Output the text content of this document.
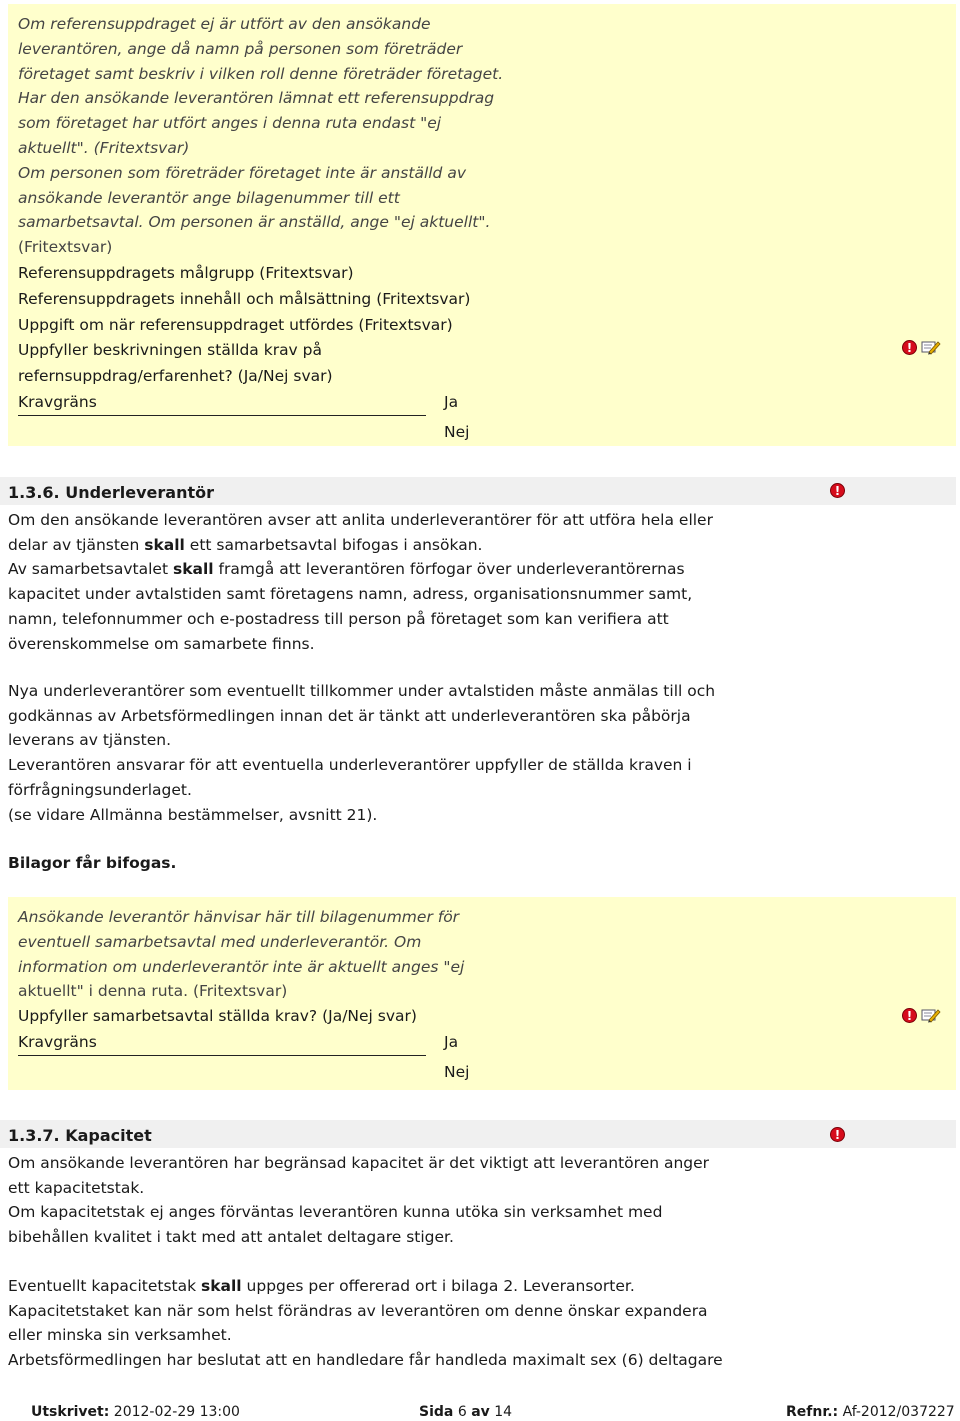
Om referensuppdraget ej är utfört av den ansökande
leverantören, ange då namn på personen som företräder
företaget samt beskriv i vilken roll denne företräder företaget.
Har den ansökande leverantören lämnat ett referensuppdrag
som företaget har utfört anges i denna ruta endast "ej
aktuellt". (Fritextsvar)
Om personen som företräder företaget inte är anställd av
ansökande leverantör ange bilagenummer till ett
samarbetsavtal. Om personen är anställd, ange "ej aktuellt".
(Fritextsvar)
Referensuppdragets målgrupp (Fritextsvar)
Referensuppdragets innehåll och målsättning (Fritextsvar)
Uppgift om när referensuppdraget utfördes (Fritextsvar)
Uppfyller beskrivningen ställda krav på
refernsuppdrag/erfarenhet? (Ja/Nej svar)
Kravgräns	Ja
Nej
!
1.3.6. Underleverantör	!
Om den ansökande leverantören avser att anlita underleverantörer för att utföra hela eller
delar av tjänsten skall ett samarbetsavtal bifogas i ansökan.
Av samarbetsavtalet skall framgå att leverantören förfogar över underleverantörernas
kapacitet under avtalstiden samt företagens namn, adress, organisationsnummer samt,
namn, telefonnummer och e-postadress till person på företaget som kan verifiera att
överenskommelse om samarbete finns.
Nya underleverantörer som eventuellt tillkommer under avtalstiden måste anmälas till och
godkännas av Arbetsförmedlingen innan det är tänkt att underleverantören ska påbörja
leverans av tjänsten.
Leverantören ansvarar för att eventuella underleverantörer uppfyller de ställda kraven i
förfrågningsunderlaget.
(se vidare Allmänna bestämmelser, avsnitt 21).
Bilagor får bifogas.
Ansökande leverantör hänvisar här till bilagenummer för
eventuell samarbetsavtal med underleverantör. Om
information om underleverantör inte är aktuellt anges "ej
aktuellt" i denna ruta. (Fritextsvar)
Uppfyller samarbetsavtal ställda krav? (Ja/Nej svar)
Kravgräns	Ja
Nej
!
1.3.7. Kapacitet	!
Om ansökande leverantören har begränsad kapacitet är det viktigt att leverantören anger
ett kapacitetstak.
Om kapacitetstak ej anges förväntas leverantören kunna utöka sin verksamhet med
bibehållen kvalitet i takt med att antalet deltagare stiger.
Eventuellt kapacitetstak skall uppges per offererad ort i bilaga 2. Leveransorter.
Kapacitetstaket kan när som helst förändras av leverantören om denne önskar expandera
eller minska sin verksamhet.
Arbetsförmedlingen har beslutat att en handledare får handleda maximalt sex (6) deltagare
Utskrivet: 2012-02-29 13:00	Sida 6 av 14	Refnr.: Af-2012/037227
